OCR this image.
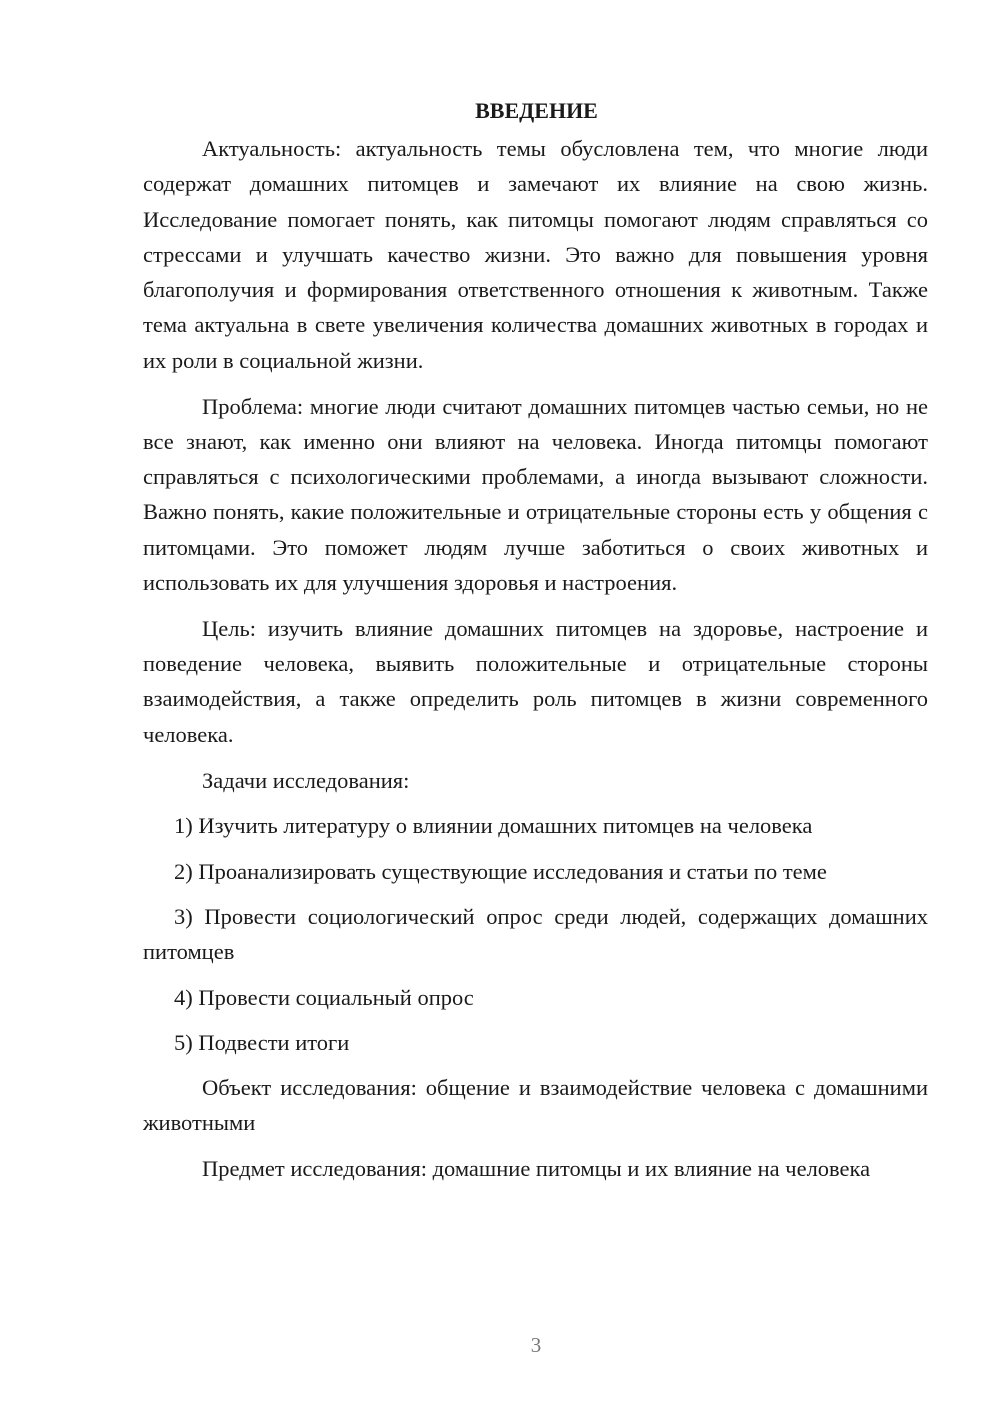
ВВЕДЕНИЕ

Актуальность: актуальность темы обусловлена тем, что многие люди содержат домашних питомцев и замечают их влияние на свою жизнь. Исследование помогает понять, как питомцы помогают людям справляться со стрессами и улучшать качество жизни. Это важно для повышения уровня благополучия и формирования ответственного отношения к животным. Также тема актуальна в свете увеличения количества домашних животных в городах и их роли в социальной жизни.

Проблема: многие люди считают домашних питомцев частью семьи, но не все знают, как именно они влияют на человека. Иногда питомцы помогают справляться с психологическими проблемами, а иногда вызывают сложности. Важно понять, какие положительные и отрицательные стороны есть у общения с питомцами. Это поможет людям лучше заботиться о своих животных и использовать их для улучшения здоровья и настроения.

Цель: изучить влияние домашних питомцев на здоровье, настроение и поведение человека, выявить положительные и отрицательные стороны взаимодействия, а также определить роль питомцев в жизни современного человека.

Задачи исследования:

1) Изучить литературу о влиянии домашних питомцев на человека

2) Проанализировать существующие исследования и статьи по теме

3) Провести социологический опрос среди людей, содержащих домашних питомцев

4) Провести социальный опрос

5) Подвести итоги

Объект исследования: общение и взаимодействие человека с домашними животными

Предмет исследования: домашние питомцы и их влияние на человека

3
